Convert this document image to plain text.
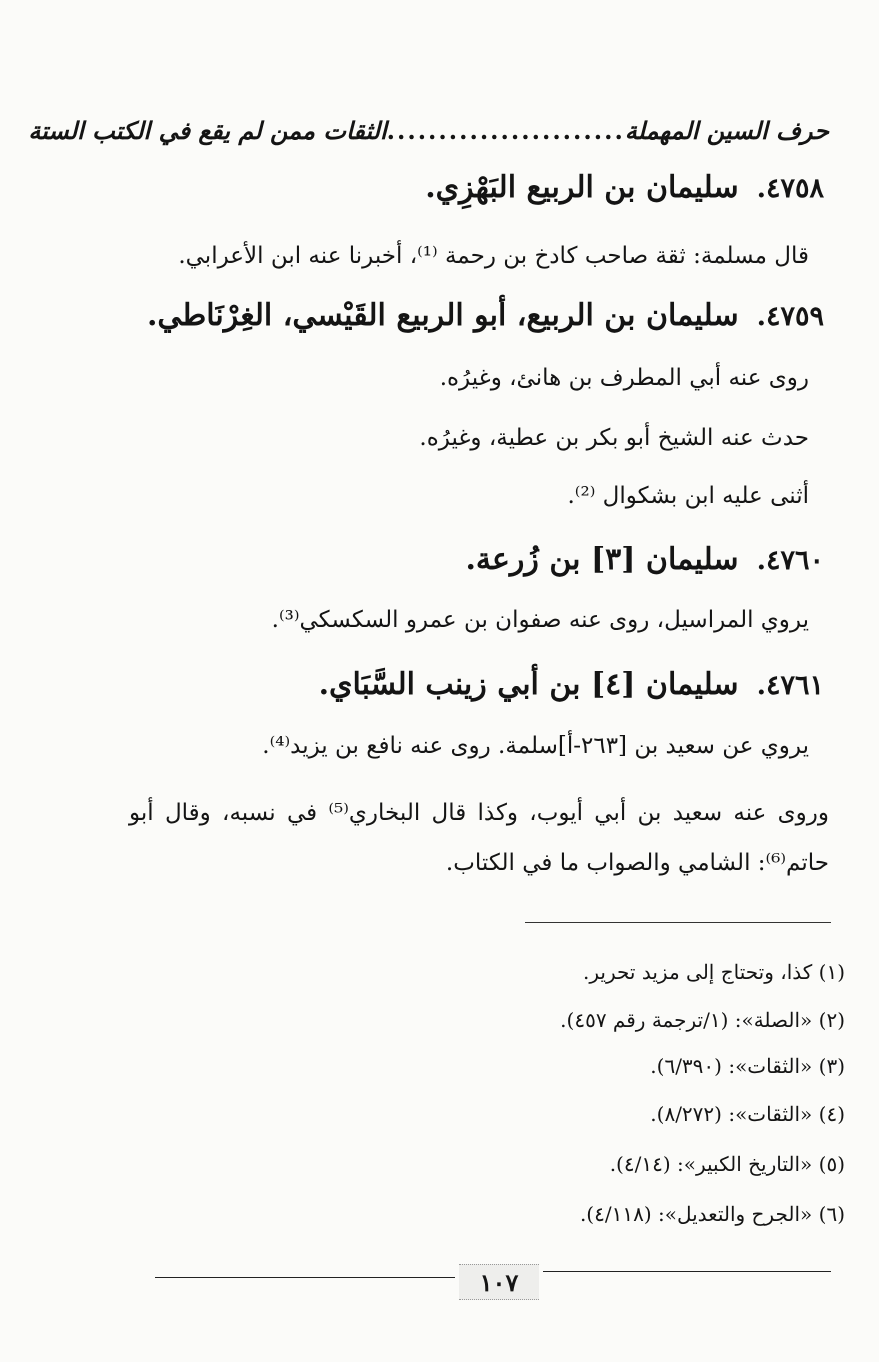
حرف السين المهملة
.......................
الثقات ممن لم يقع في الكتب الستة
٤٧٥٨.سليمان بن الربيع البَهْزِي.
قال مسلمة: ثقة صاحب كادخ بن رحمة ⁽¹⁾، أخبرنا عنه ابن الأعرابي.
٤٧٥٩.سليمان بن الربيع، أبو الربيع القَيْسي، الغِرْنَاطي.
روى عنه أبي المطرف بن هانئ، وغيرُه.
حدث عنه الشيخ أبو بكر بن عطية، وغيرُه.
أثنى عليه ابن بشكوال ⁽²⁾.
٤٧٦٠.سليمان [٣] بن زُرعة.
يروي المراسيل، روى عنه صفوان بن عمرو السكسكي⁽³⁾.
٤٧٦١.سليمان [٤] بن أبي زينب السَّبَاي.
يروي عن سعيد بن [٢٦٣-أ]سلمة. روى عنه نافع بن يزيد⁽⁴⁾.
وروى عنه سعيد بن أبي أيوب، وكذا قال البخاري⁽⁵⁾ في نسبه، وقال أبو حاتم⁽⁶⁾: الشامي والصواب ما في الكتاب.
(١) كذا، وتحتاج إلى مزيد تحرير.
(٢) «الصلة»: (١/ترجمة رقم ٤٥٧).
(٣) «الثقات»: (٦/٣٩٠).
(٤) «الثقات»: (٨/٢٧٢).
(٥) «التاريخ الكبير»: (٤/١٤).
(٦) «الجرح والتعديل»: (٤/١١٨).
١٠٧
